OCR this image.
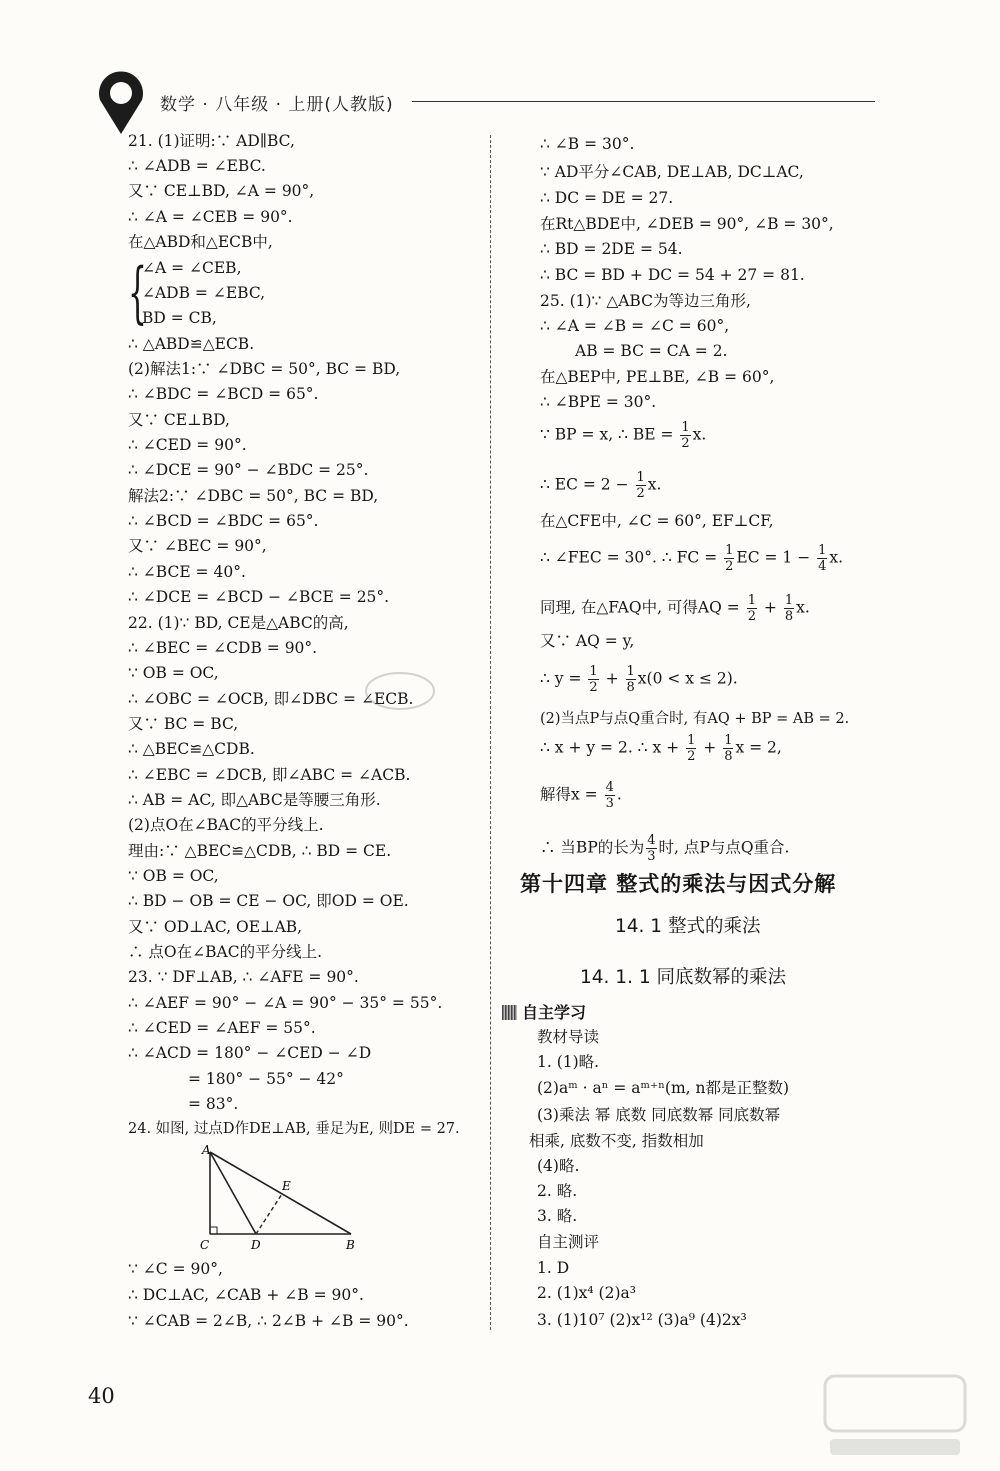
数学 · 八年级 · 上册(人教版)
21. (1)证明:∵ AD∥BC,
∴ ∠ADB = ∠EBC.
又∵ CE⊥BD, ∠A = 90°,
∴ ∠A = ∠CEB = 90°.
在△ABD和△ECB中,
{
∠A = ∠CEB,
∠ADB = ∠EBC,
BD = CB,
∴ △ABD≌△ECB.
(2)解法1:∵ ∠DBC = 50°, BC = BD,
∴ ∠BDC = ∠BCD = 65°.
又∵ CE⊥BD,
∴ ∠CED = 90°.
∴ ∠DCE = 90° − ∠BDC = 25°.
解法2:∵ ∠DBC = 50°, BC = BD,
∴ ∠BCD = ∠BDC = 65°.
又∵ ∠BEC = 90°,
∴ ∠BCE = 40°.
∴ ∠DCE = ∠BCD − ∠BCE = 25°.
22. (1)∵ BD, CE是△ABC的高,
∴ ∠BEC = ∠CDB = 90°.
∵ OB = OC,
∴ ∠OBC = ∠OCB, 即∠DBC = ∠ECB.
又∵ BC = BC,
∴ △BEC≌△CDB.
∴ ∠EBC = ∠DCB, 即∠ABC = ∠ACB.
∴ AB = AC, 即△ABC是等腰三角形.
(2)点O在∠BAC的平分线上.
理由:∵ △BEC≌△CDB, ∴ BD = CE.
∵ OB = OC,
∴ BD − OB = CE − OC, 即OD = OE.
又∵ OD⊥AC, OE⊥AB,
∴ 点O在∠BAC的平分线上.
23. ∵ DF⊥AB, ∴ ∠AFE = 90°.
∴ ∠AEF = 90° − ∠A = 90° − 35° = 55°.
∴ ∠CED = ∠AEF = 55°.
∴ ∠ACD = 180° − ∠CED − ∠D
= 180° − 55° − 42°
= 83°.
24. 如图, 过点D作DE⊥AB, 垂足为E, 则DE = 27.
∵ ∠C = 90°,
∴ DC⊥AC, ∠CAB + ∠B = 90°.
∵ ∠CAB = 2∠B, ∴ 2∠B + ∠B = 90°.
A
C	D	B
E
∴ ∠B = 30°.
∵ AD平分∠CAB, DE⊥AB, DC⊥AC,
∴ DC = DE = 27.
在Rt△BDE中, ∠DEB = 90°, ∠B = 30°,
∴ BD = 2DE = 54.
∴ BC = BD + DC = 54 + 27 = 81.
25. (1)∵ △ABC为等边三角形,
∴ ∠A = ∠B = ∠C = 60°,
AB = BC = CA = 2.
在△BEP中, PE⊥BE, ∠B = 60°,
∴ ∠BPE = 30°.
∵ BP = x, ∴ BE = $\frac{1}{2} x$.
∴ EC = $2 - \frac{1}{2} x$.
在△CFE中, ∠C = 60°, EF⊥CF,
∴ ∠FEC = 30°. ∴ FC = $\frac{1}{2}$ EC = $1 - \frac{1}{4} x$.
同理, 在△FAQ中, 可得AQ = $\frac{1}{2} + \frac{1}{8} x$.
又∵ AQ = y,
∴ $y = \frac{1}{2} + \frac{1}{8} x(0 < x \le 2)$.
(2)当点P与点Q重合时, 有AQ + BP = AB = 2.
∴ x + y = 2. ∴ $x + \frac{1}{2} + \frac{1}{8}$ x = 2,
解得$x = \frac{4}{3}$ .
∴ 当BP的长为 $\frac{4}{3}$ 时, 点P与点Q重合.
第十四章 整式的乘法与因式分解
14. 1 整式的乘法
14. 1. 1 同底数幂的乘法
自主学习
教材导读
1. (1)略.
(2)aᵐ · aⁿ = aᵐ⁺ⁿ(m, n都是正整数)
(3)乘法 幂 底数 同底数幂 同底数幂
相乘, 底数不变, 指数相加
(4)略.
2. 略.
3. 略.
自主测评
1. D
2. (1)x⁴ (2)a³
3. (1)10⁷ (2)x¹² (3)a⁹ (4)2x³
40
